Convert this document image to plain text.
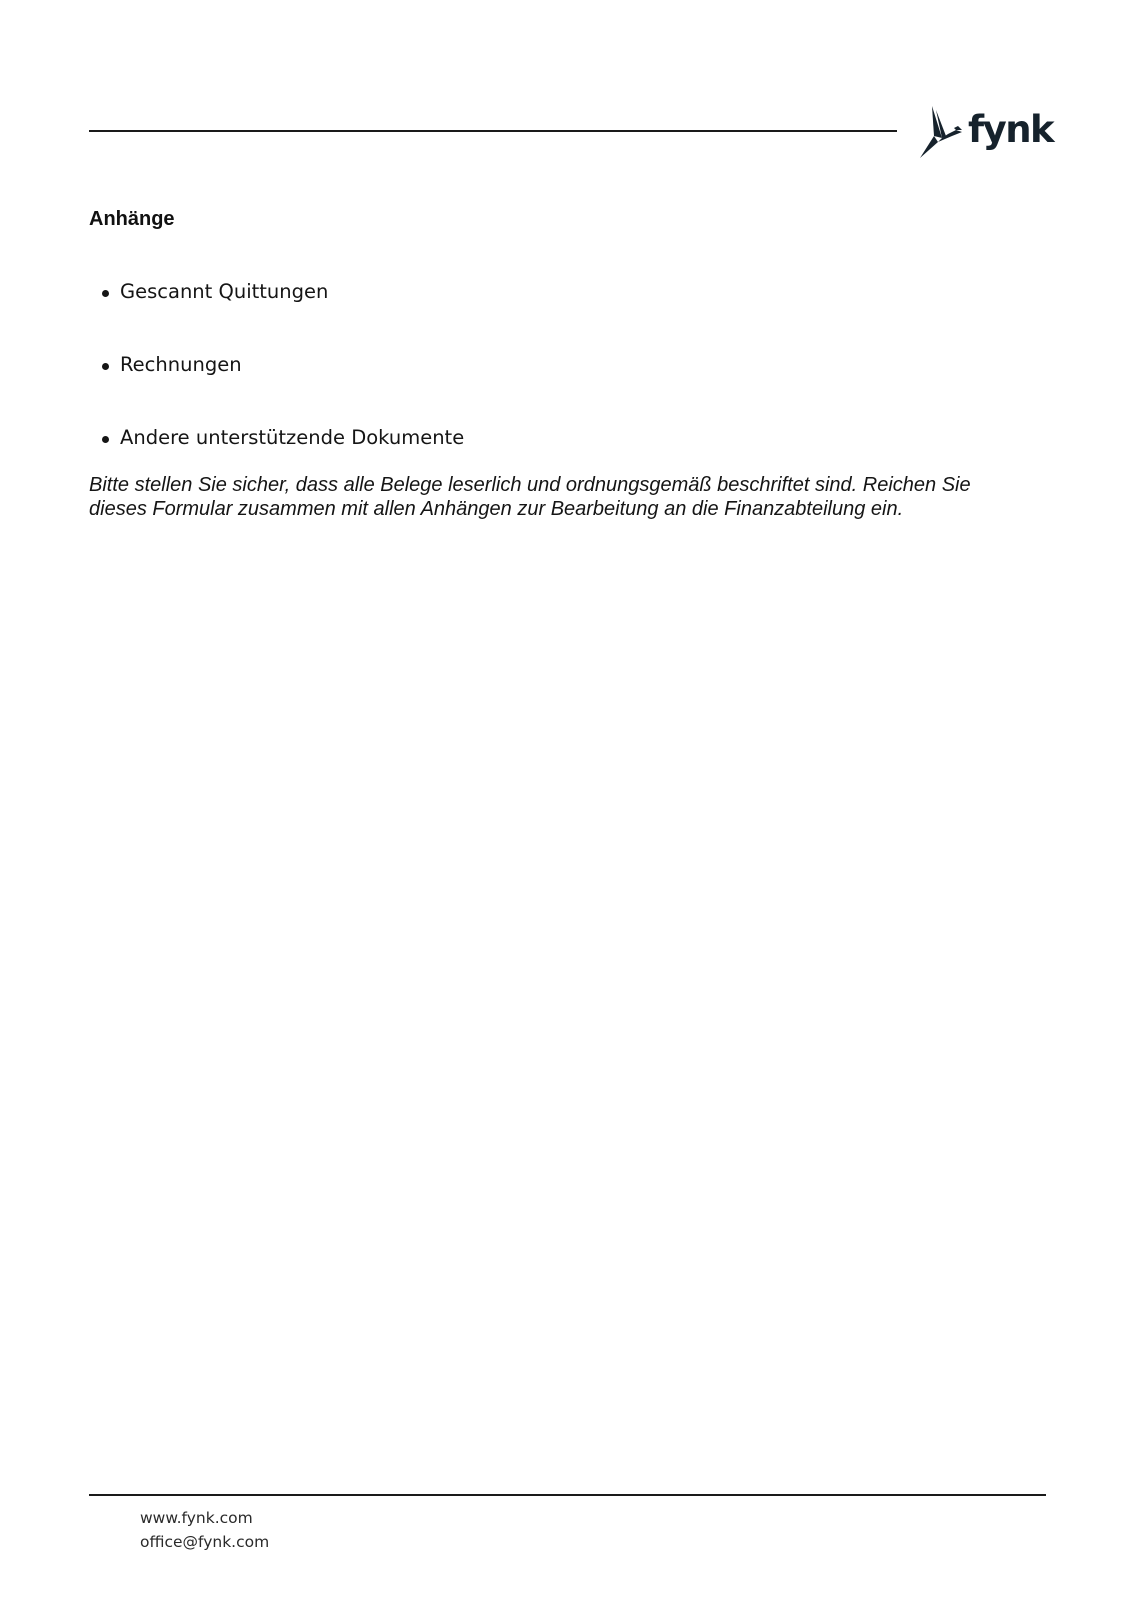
fynk
Anhänge
Gescannt Quittungen
Rechnungen
Andere unterstützende Dokumente

Bitte stellen Sie sicher, dass alle Belege leserlich und ordnungsgemäß beschriftet sind. Reichen Sie dieses Formular zusammen mit allen Anhängen zur Bearbeitung an die Finanzabteilung ein.

www.fynk.com
office@fynk.com
